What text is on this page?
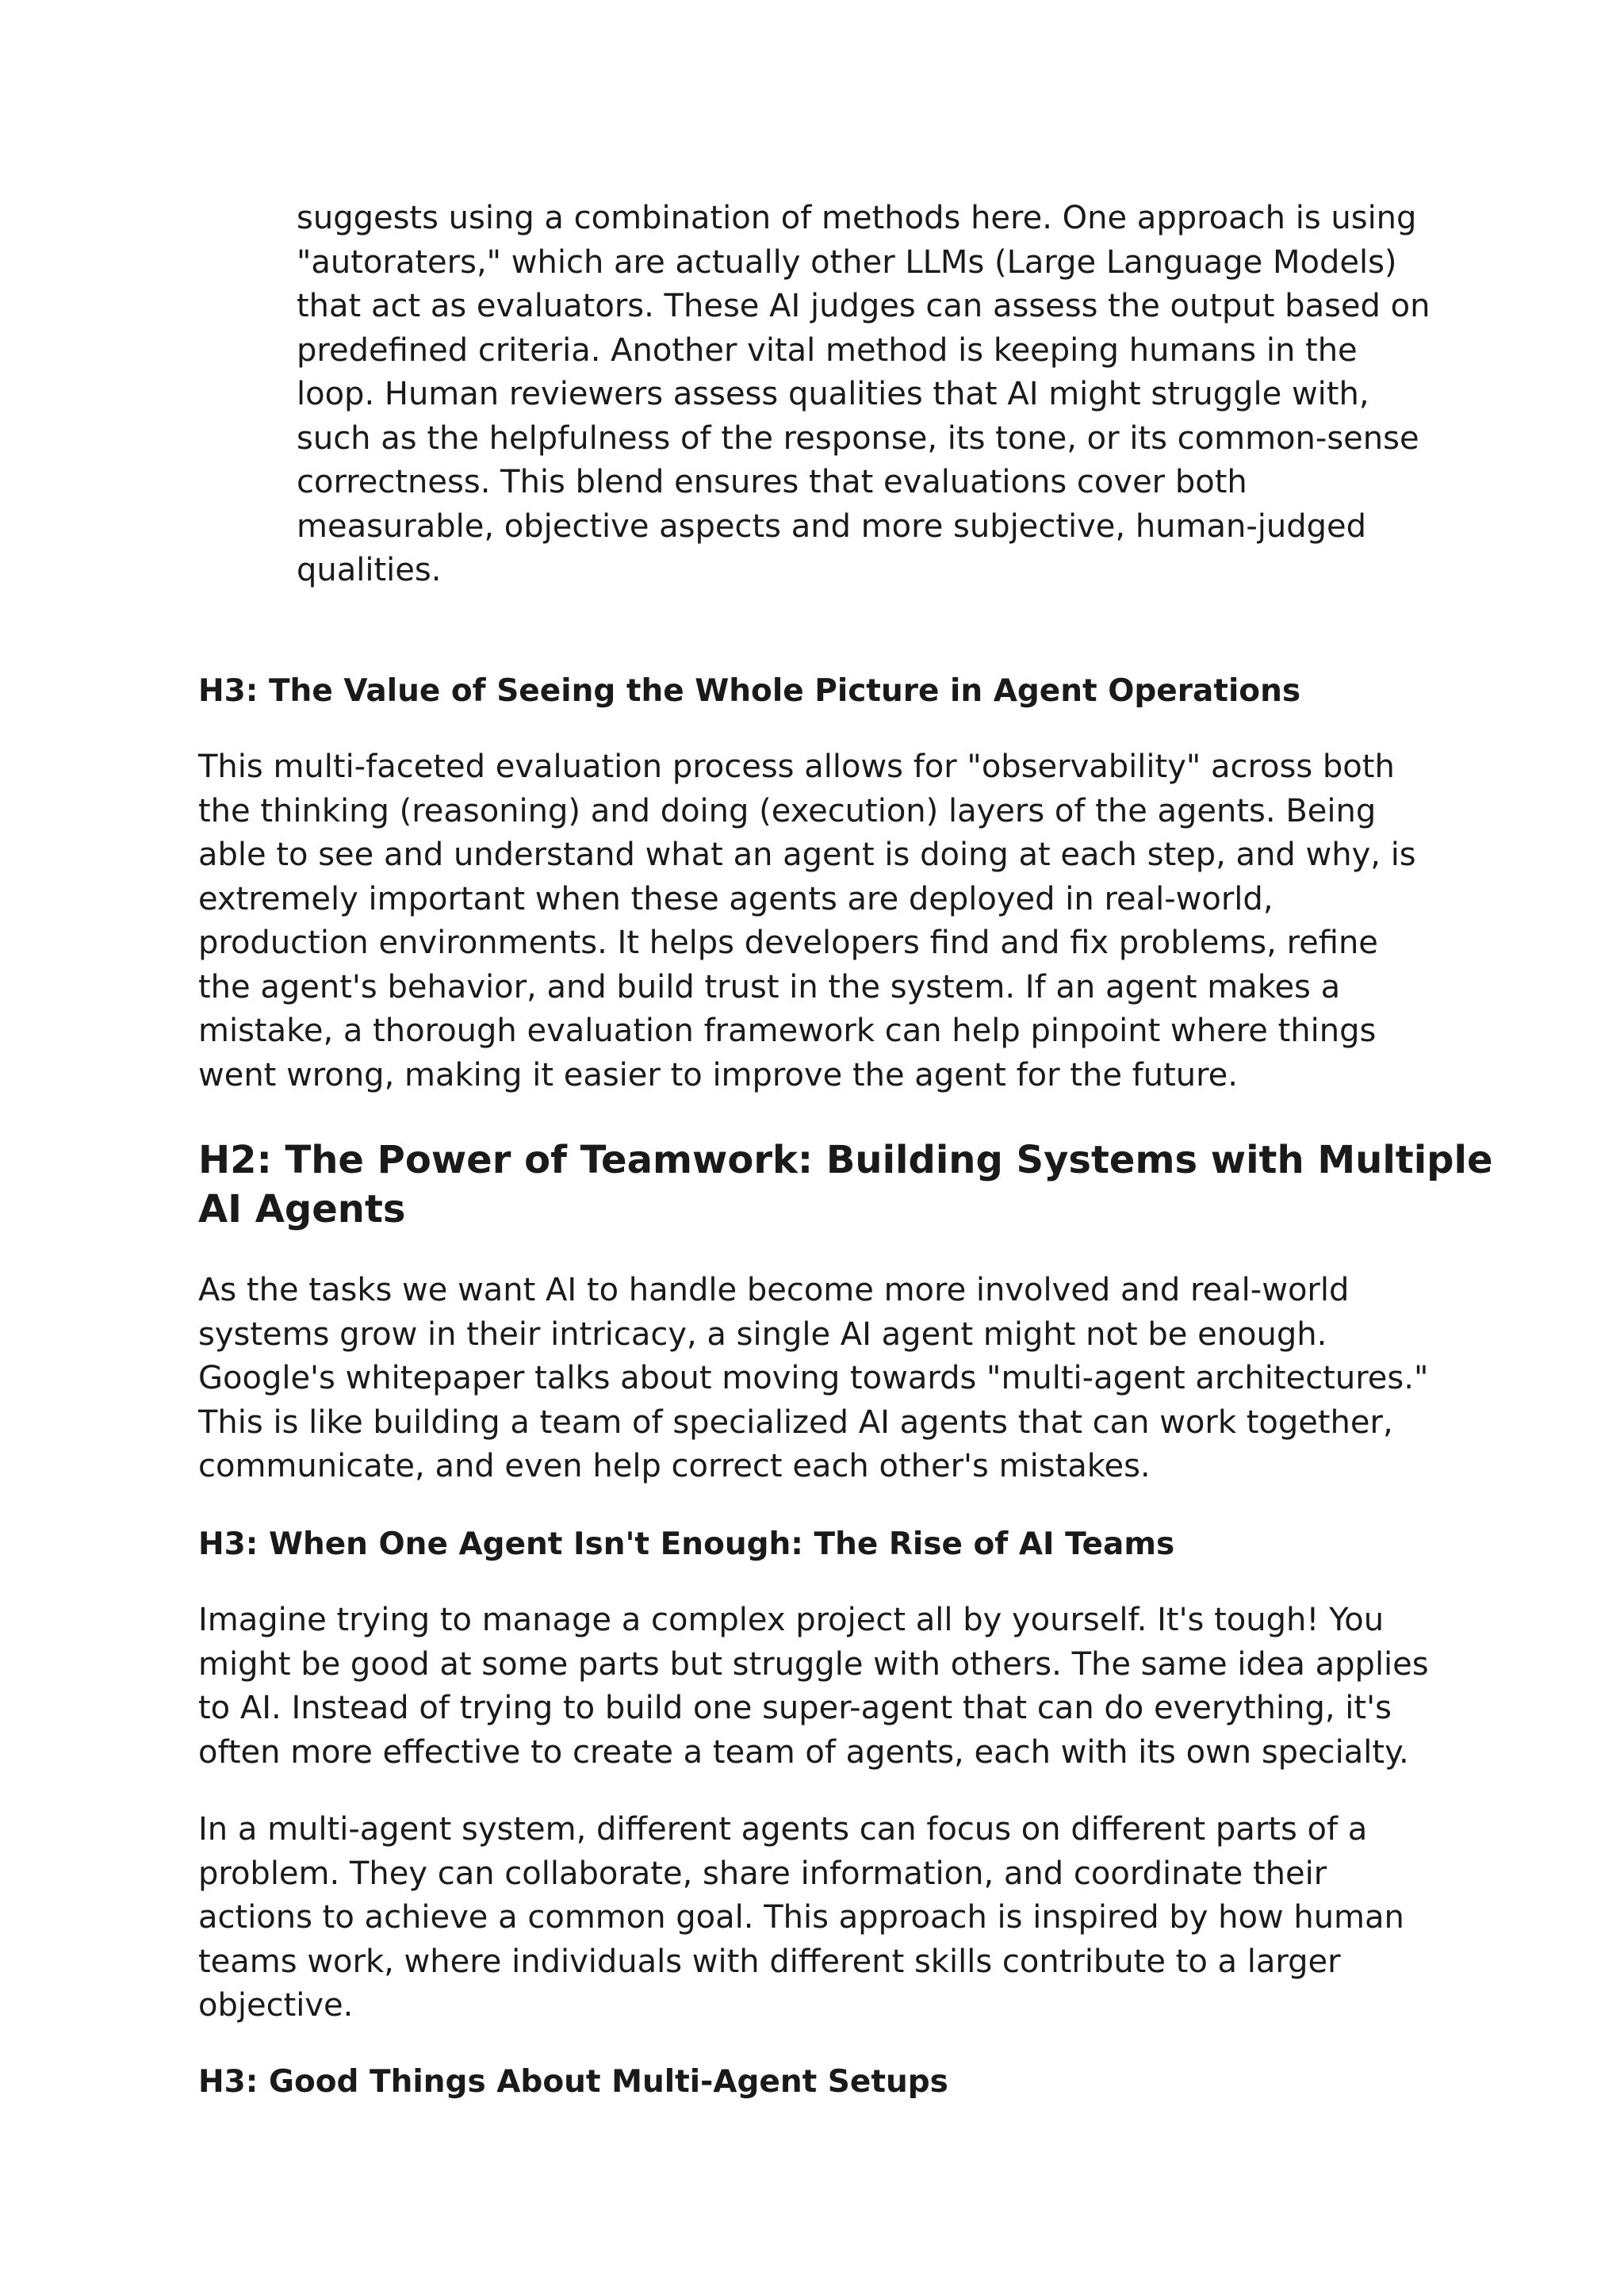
suggests using a combination of methods here. One approach is using
"autoraters," which are actually other LLMs (Large Language Models)
that act as evaluators. These AI judges can assess the output based on
predefined criteria. Another vital method is keeping humans in the
loop. Human reviewers assess qualities that AI might struggle with,
such as the helpfulness of the response, its tone, or its common-sense
correctness. This blend ensures that evaluations cover both
measurable, objective aspects and more subjective, human-judged
qualities.
H3: The Value of Seeing the Whole Picture in Agent Operations
This multi-faceted evaluation process allows for "observability" across both
the thinking (reasoning) and doing (execution) layers of the agents. Being
able to see and understand what an agent is doing at each step, and why, is
extremely important when these agents are deployed in real-world,
production environments. It helps developers find and fix problems, refine
the agent's behavior, and build trust in the system. If an agent makes a
mistake, a thorough evaluation framework can help pinpoint where things
went wrong, making it easier to improve the agent for the future.
H2: The Power of Teamwork: Building Systems with Multiple
AI Agents
As the tasks we want AI to handle become more involved and real-world
systems grow in their intricacy, a single AI agent might not be enough.
Google's whitepaper talks about moving towards "multi-agent architectures."
This is like building a team of specialized AI agents that can work together,
communicate, and even help correct each other's mistakes.
H3: When One Agent Isn't Enough: The Rise of AI Teams
Imagine trying to manage a complex project all by yourself. It's tough! You
might be good at some parts but struggle with others. The same idea applies
to AI. Instead of trying to build one super-agent that can do everything, it's
often more effective to create a team of agents, each with its own specialty.
In a multi-agent system, different agents can focus on different parts of a
problem. They can collaborate, share information, and coordinate their
actions to achieve a common goal. This approach is inspired by how human
teams work, where individuals with different skills contribute to a larger
objective.
H3: Good Things About Multi-Agent Setups
